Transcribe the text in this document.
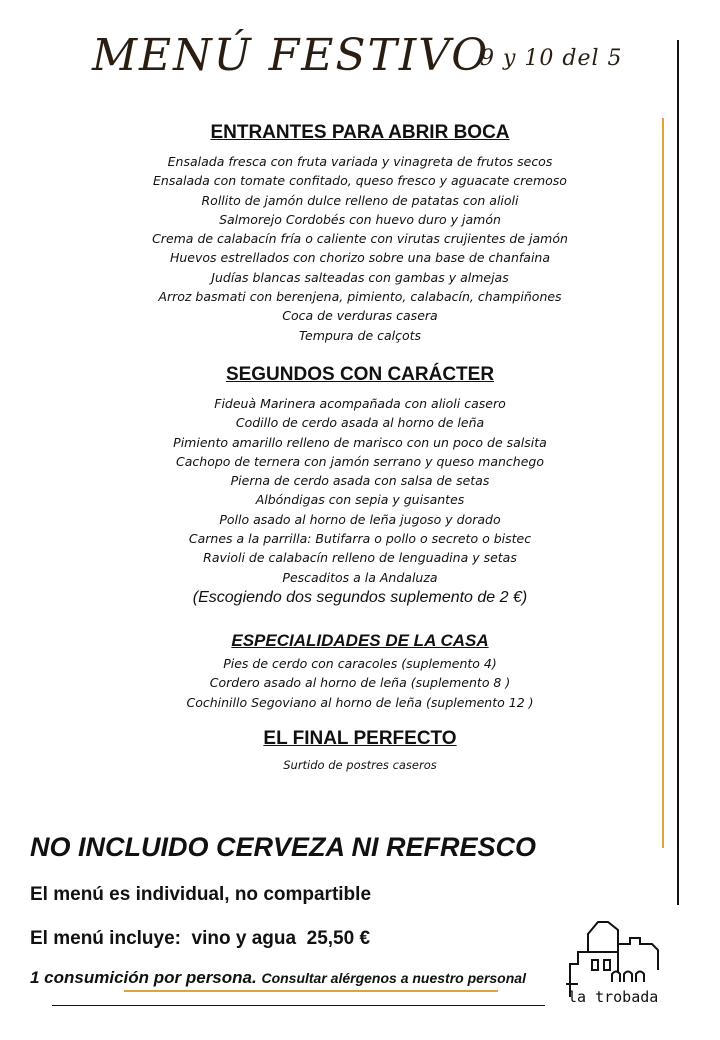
MENÚ FESTIVO
9 y 10 del 5

ENTRANTES PARA ABRIR BOCA

Ensalada fresca con fruta variada y vinagreta de frutos secos
Ensalada con tomate confitado, queso fresco y aguacate cremoso
Rollito de jamón dulce relleno de patatas con alioli
Salmorejo Cordobés con huevo duro y jamón
Crema de calabacín fría o caliente con virutas crujientes de jamón
Huevos estrellados con chorizo sobre una base de chanfaina
Judías blancas salteadas con gambas y almejas
Arroz basmati con berenjena, pimiento, calabacín, champiñones
Coca de verduras casera
Tempura de calçots

SEGUNDOS CON CARÁCTER

Fideuà Marinera acompañada con alioli casero
Codillo de cerdo asada al horno de leña
Pimiento amarillo relleno de marisco con un poco de salsita
Cachopo de ternera con jamón serrano y queso manchego
Pierna de cerdo asada con salsa de setas
Albóndigas con sepia y guisantes
Pollo asado al horno de leña jugoso y dorado
Carnes a la parrilla: Butifarra o pollo o secreto o bistec
Ravioli de calabacín relleno de lenguadina y setas
Pescaditos a la Andaluza
(Escogiendo dos segundos suplemento de 2 €)

ESPECIALIDADES DE LA CASA

Pies de cerdo con caracoles (suplemento 4)
Cordero asado al horno de leña (suplemento 8 )
Cochinillo Segoviano al horno de leña (suplemento 12 )

EL FINAL PERFECTO

Surtido de postres caseros
NO INCLUIDO CERVEZA NI REFRESCO
El menú es individual, no compartible
El menú incluye:  vino y agua  25,50 €
1 consumición por persona. Consultar alérgenos a nuestro personal
la trobada
